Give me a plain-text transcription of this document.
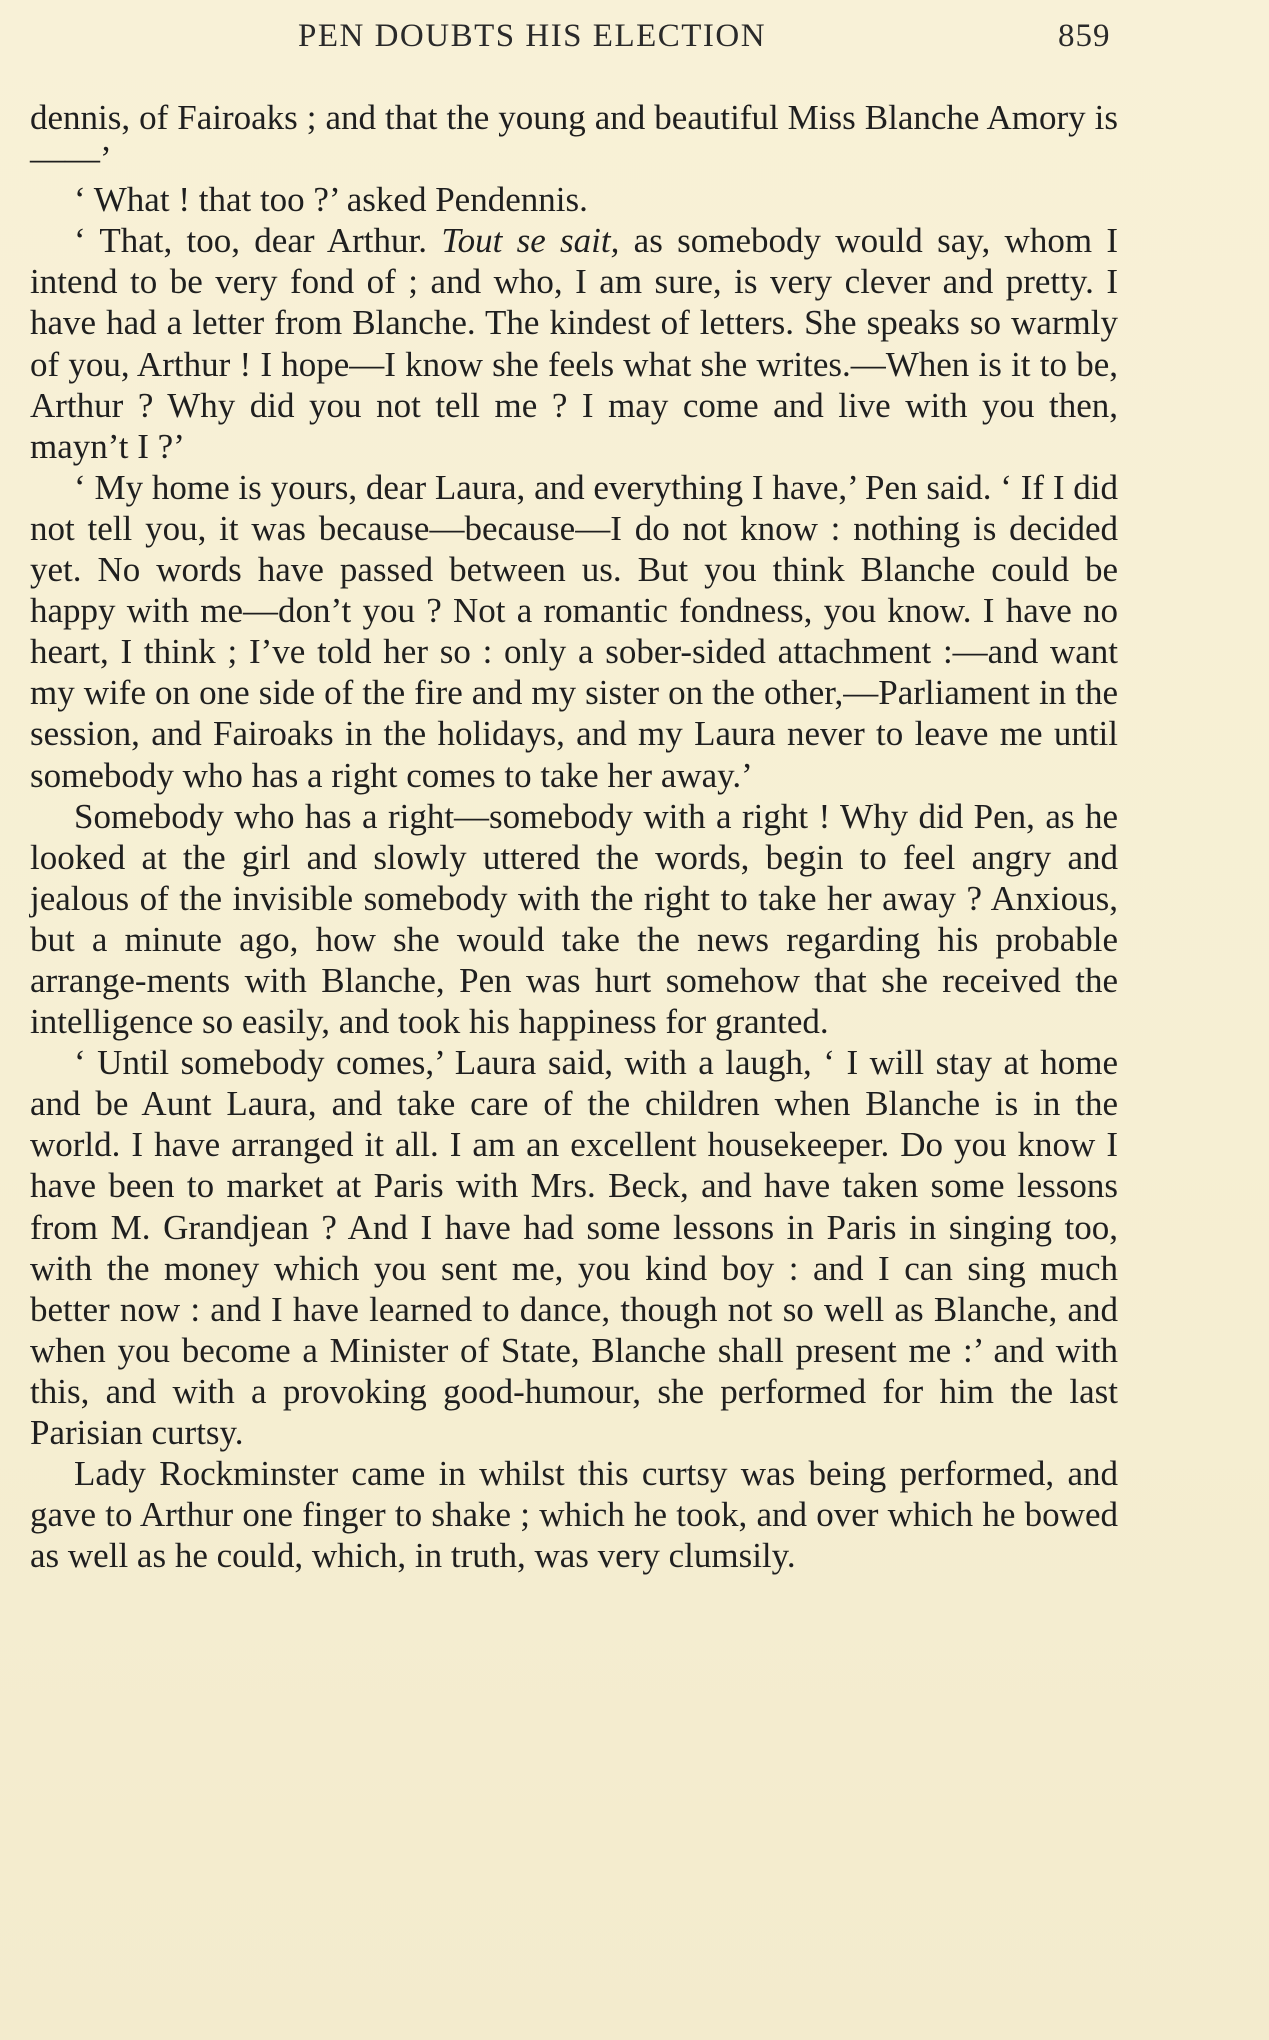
PEN DOUBTS HIS ELECTION	859

dennis, of Fairoaks ; and that the young and beautiful Miss Blanche Amory is——’

‘ What ! that too ?’ asked Pendennis.

‘ That, too, dear Arthur. Tout se sait, as somebody would say, whom I intend to be very fond of ; and who, I am sure, is very clever and pretty. I have had a letter from Blanche. The kindest of letters. She speaks so warmly of you, Arthur ! I hope—I know she feels what she writes.—When is it to be, Arthur ? Why did you not tell me ? I may come and live with you then, mayn’t I ?’

‘ My home is yours, dear Laura, and everything I have,’ Pen said. ‘ If I did not tell you, it was because—because—I do not know : nothing is decided yet. No words have passed between us. But you think Blanche could be happy with me—don’t you ? Not a romantic fondness, you know. I have no heart, I think ; I’ve told her so : only a sober-sided attachment :—and want my wife on one side of the fire and my sister on the other,—Parliament in the session, and Fairoaks in the holidays, and my Laura never to leave me until somebody who has a right comes to take her away.’

Somebody who has a right—somebody with a right ! Why did Pen, as he looked at the girl and slowly uttered the words, begin to feel angry and jealous of the invisible somebody with the right to take her away ? Anxious, but a minute ago, how she would take the news regarding his probable arrange-ments with Blanche, Pen was hurt somehow that she received the intelligence so easily, and took his happiness for granted.

‘ Until somebody comes,’ Laura said, with a laugh, ‘ I will stay at home and be Aunt Laura, and take care of the children when Blanche is in the world. I have arranged it all. I am an excellent housekeeper. Do you know I have been to market at Paris with Mrs. Beck, and have taken some lessons from M. Grandjean ? And I have had some lessons in Paris in singing too, with the money which you sent me, you kind boy : and I can sing much better now : and I have learned to dance, though not so well as Blanche, and when you become a Minister of State, Blanche shall present me :’ and with this, and with a provoking good-humour, she performed for him the last Parisian curtsy.

Lady Rockminster came in whilst this curtsy was being performed, and gave to Arthur one finger to shake ; which he took, and over which he bowed as well as he could, which, in truth, was very clumsily.
